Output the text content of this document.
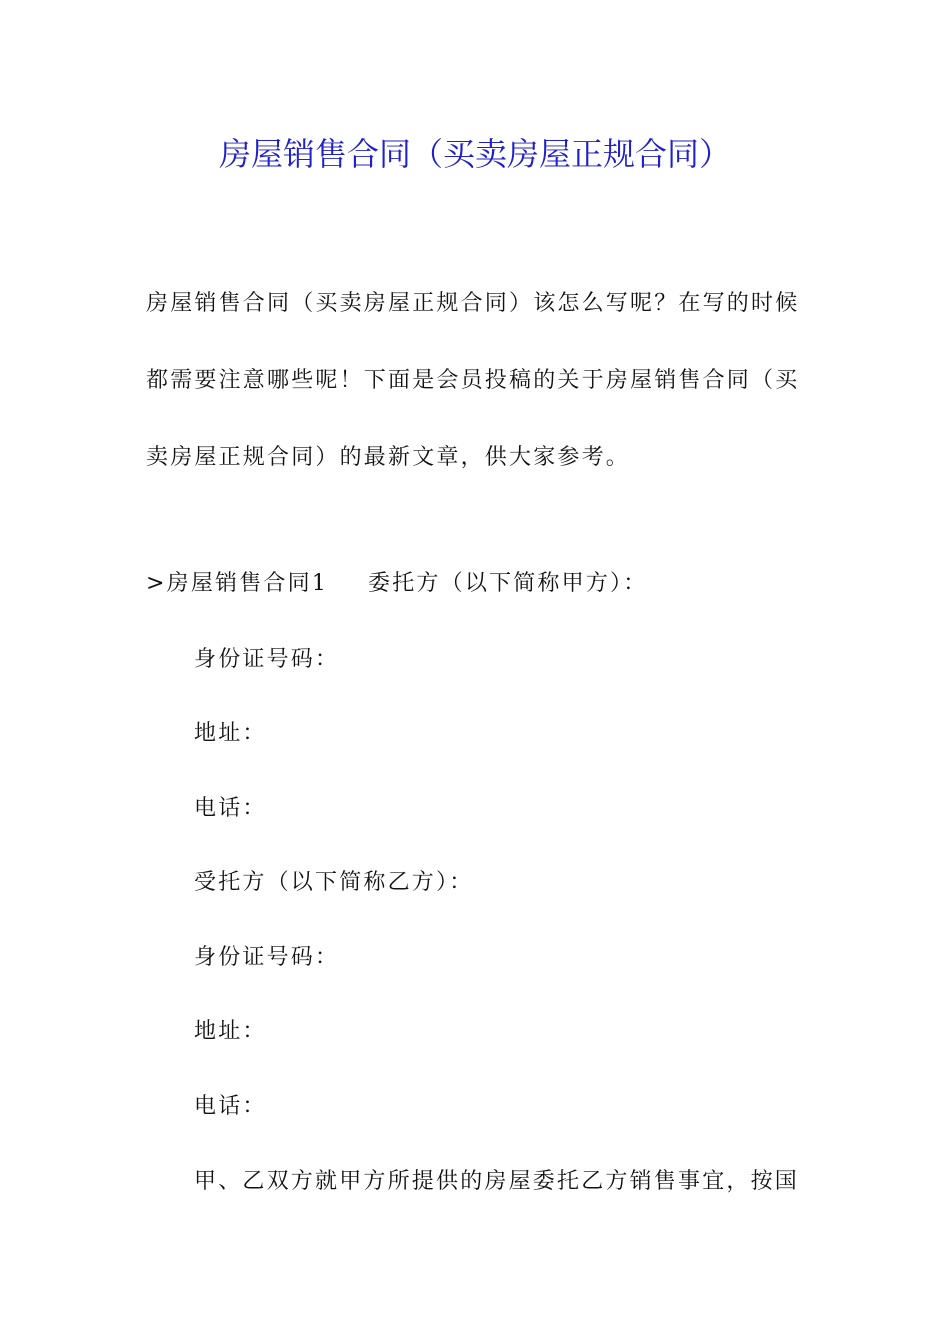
房屋销售合同（买卖房屋正规合同）

房屋销售合同（买卖房屋正规合同）该怎么写呢？在写的时候都需要注意哪些呢！下面是会员投稿的关于房屋销售合同（买卖房屋正规合同）的最新文章，供大家参考。

>房屋销售合同1 委托方（以下简称甲方）：
身份证号码：
地址：
电话：
受托方（以下简称乙方）：
身份证号码：
地址：
电话：
甲、乙双方就甲方所提供的房屋委托乙方销售事宜，按国
